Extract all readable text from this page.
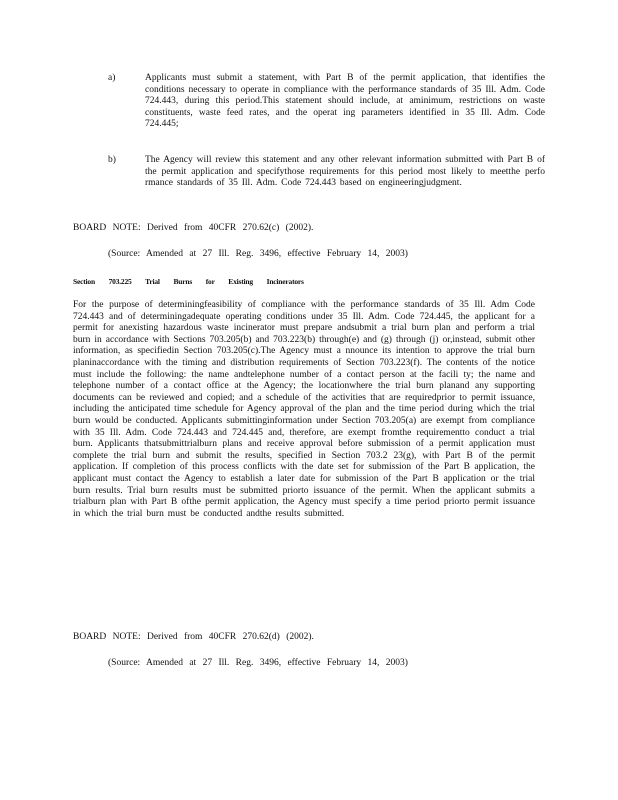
a)	Applicants must submit a statement, with Part B of the permit application, that identifies the conditions necessary to operate in compliance with the performance standards of 35 Ill. Adm. Code 724.443, during this period.This statement should include, at aminimum, restrictions on waste constituents, waste feed rates, and the operat ing parameters identified in 35 Ill. Adm. Code 724.445;
b)	The Agency will review this statement and any other relevant information submitted with Part B of the permit application and specifythose requirements for this period most likely to meetthe perfo rmance standards of 35 Ill. Adm. Code 724.443 based on engineeringjudgment.
BOARD NOTE: Derived from 40CFR 270.62(c) (2002).
(Source: Amended at 27 Ill. Reg. 3496, effective February 14, 2003)
Section 703.225 Trial Burns for Existing Incinerators
For the purpose of determiningfeasibility of compliance with the performance standards of 35 Ill. Adm Code 724.443 and of determiningadequate operating conditions under 35 Ill. Adm. Code 724.445, the applicant for a permit for anexisting hazardous waste incinerator must prepare andsubmit a trial burn plan and perform a trial burn in accordance with Sections 703.205(b) and 703.223(b) through(e) and (g) through (j) or,instead, submit other information, as specifiedin Section 703.205(c).The Agency must a nnounce its intention to approve the trial burn planinaccordance with the timing and distribution requirements of Section 703.223(f). The contents of the notice must include the following: the name andtelephone number of a contact person at the facili ty; the name and telephone number of a contact office at the Agency; the locationwhere the trial burn planand any supporting documents can be reviewed and copied; and a schedule of the activities that are requiredprior to permit issuance, including the anticipated time schedule for Agency approval of the plan and the time period during which the trial burn would be conducted. Applicants submittinginformation under Section 703.205(a) are exempt from compliance with 35 Ill. Adm. Code 724.443 and 724.445 and, therefore, are exempt fromthe requirementto conduct a trial burn. Applicants thatsubmittrialburn plans and receive approval before submission of a permit application must complete the trial burn and submit the results, specified in Section 703.2 23(g), with Part B of the permit application. If completion of this process conflicts with the date set for submission of the Part B application, the applicant must contact the Agency to establish a later date for submission of the Part B application or the trial burn results. Trial burn results must be submitted priorto issuance of the permit. When the applicant submits a trialburn plan with Part B ofthe permit application, the Agency must specify a time period priorto permit issuance in which the trial burn must be conducted andthe results submitted.
BOARD NOTE: Derived from 40CFR 270.62(d) (2002).
(Source: Amended at 27 Ill. Reg. 3496, effective February 14, 2003)
